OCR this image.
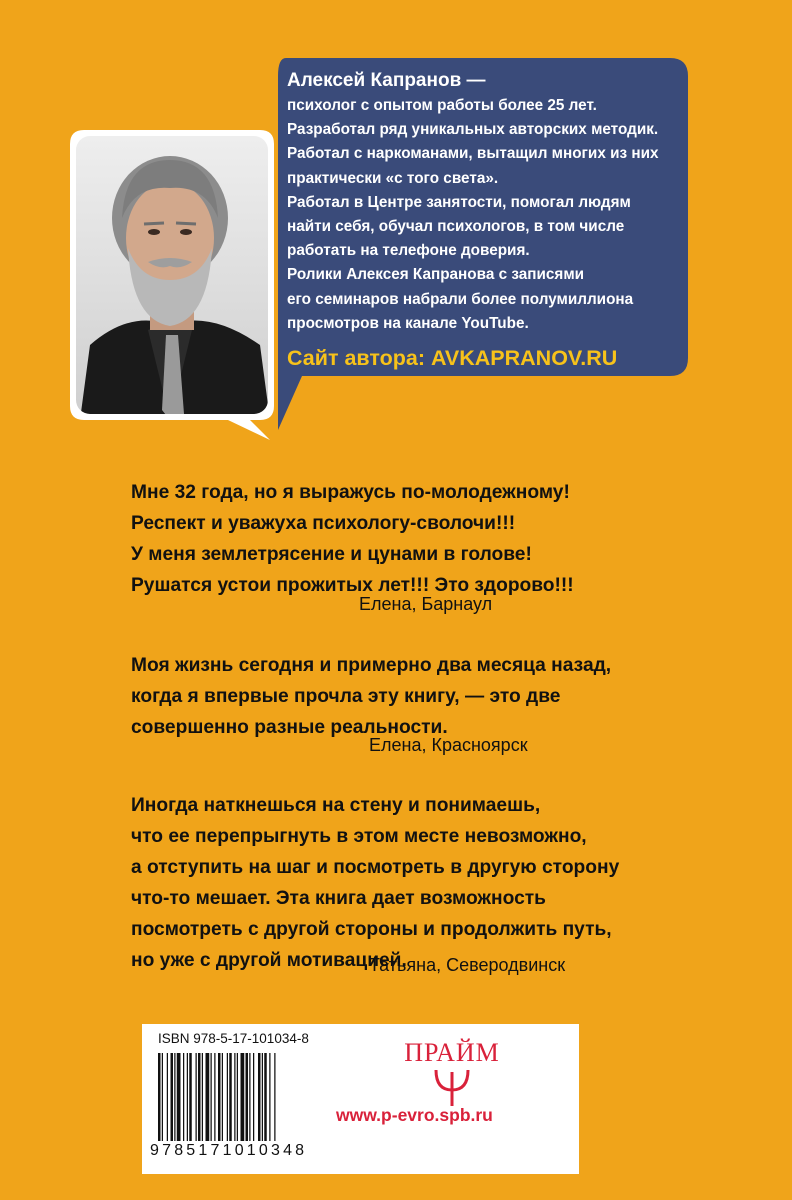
Алексей Капранов —
психолог с опытом работы более 25 лет.
Разработал ряд уникальных авторских методик.
Работал с наркоманами, вытащил многих из них
практически «с того света».
Работал в Центре занятости, помогал людям
найти себя, обучал психологов, в том числе
работать на телефоне доверия.
Ролики Алексея Капранова с записями
его семинаров набрали более полумиллиона
просмотров на канале YouTube.
Сайт автора: AVKAPRANOV.RU
Мне 32 года, но я выражусь по-молодежному!
Респект и уважуха психологу-сволочи!!!
У меня землетрясение и цунами в голове!
Рушатся устои прожитых лет!!! Это здорово!!!
Елена, Барнаул
Моя жизнь сегодня и примерно два месяца назад,
когда я впервые прочла эту книгу, — это две
совершенно разные реальности.
Елена, Красноярск
Иногда наткнешься на стену и понимаешь,
что ее перепрыгнуть в этом месте невозможно,
а отступить на шаг и посмотреть в другую сторону
что-то мешает. Эта книга дает возможность
посмотреть с другой стороны и продолжить путь,
но уже с другой мотивацией.
Татьяна, Северодвинск
ISBN 978-5-17-101034-8
9785171010348
ПРАЙМ
www.p-evro.spb.ru
